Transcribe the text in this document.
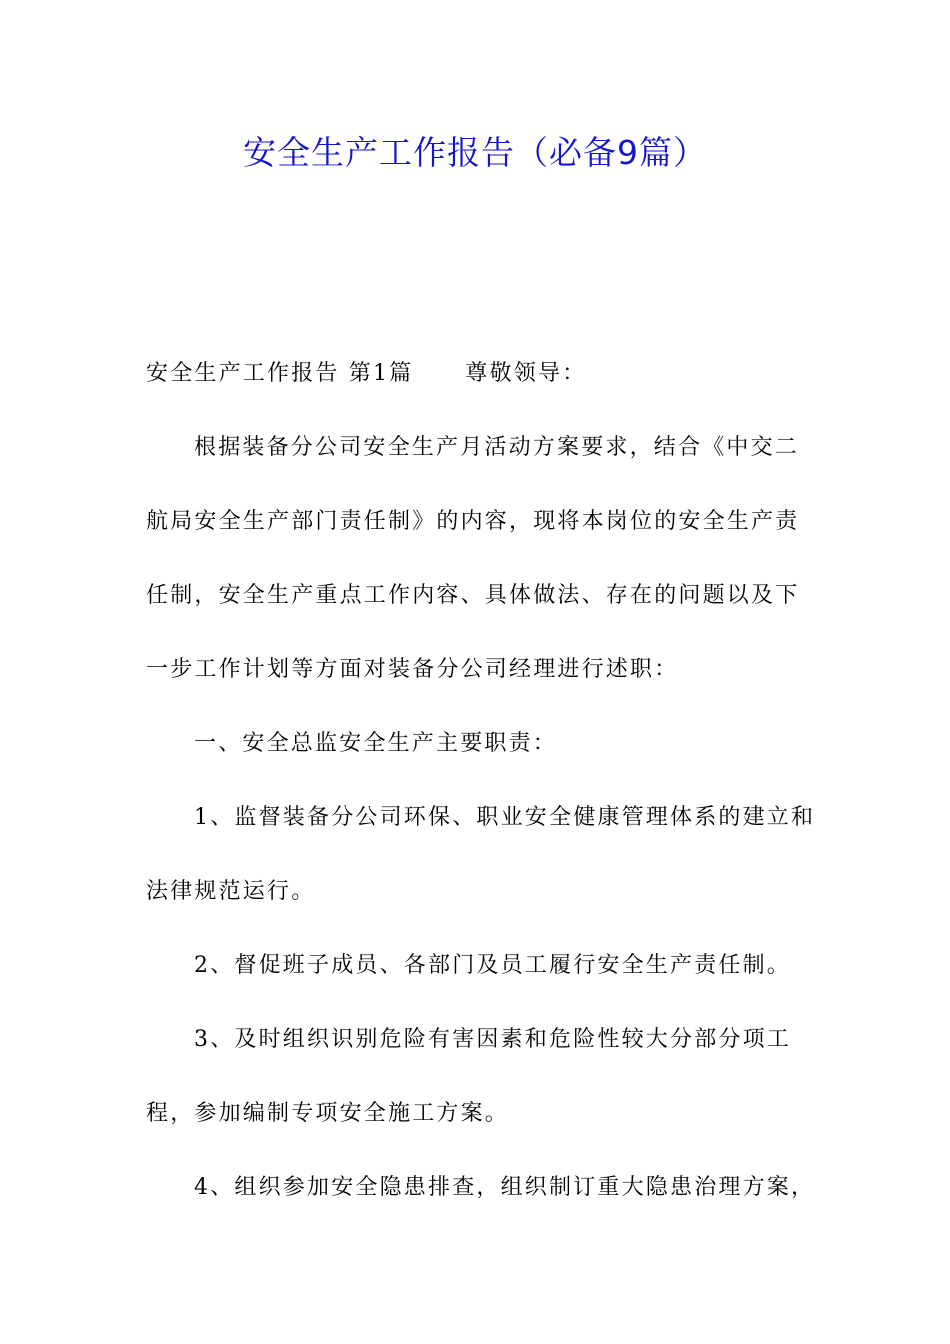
安全生产工作报告（必备9篇）

安全生产工作报告 第1篇 尊敬领导：

根据装备分公司安全生产月活动方案要求，结合《中交二航局安全生产部门责任制》的内容，现将本岗位的安全生产责任制，安全生产重点工作内容、具体做法、存在的问题以及下一步工作计划等方面对装备分公司经理进行述职：

一、安全总监安全生产主要职责：

1、监督装备分公司环保、职业安全健康管理体系的建立和法律规范运行。

2、督促班子成员、各部门及员工履行安全生产责任制。

3、及时组织识别危险有害因素和危险性较大分部分项工程，参加编制专项安全施工方案。

4、组织参加安全隐患排查，组织制订重大隐患治理方案，
